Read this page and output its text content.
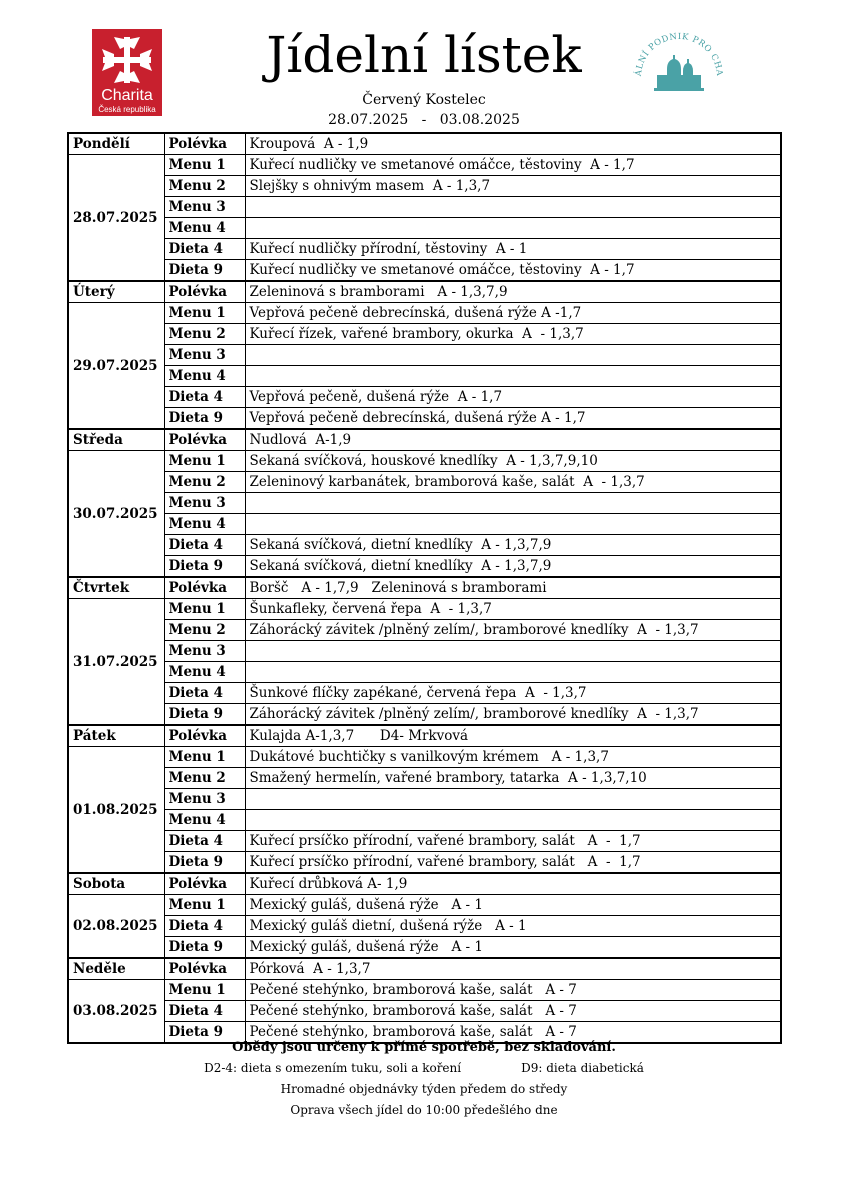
Charita
Česká republika
Jídelní lístek
Červený Kostelec
28.07.2025   -   03.08.2025
ÁLNÍ PODNIK PRO CHA
Pondělí	Polévka	Kroupová  A - 1,9
28.07.2025	Menu 1	Kuřecí nudličky ve smetanové omáčce, těstoviny  A - 1,7
	Menu 2	Slejšky s ohnivým masem  A - 1,3,7
	Menu 3	
	Menu 4	
	Dieta 4	Kuřecí nudličky přírodní, těstoviny  A - 1
	Dieta 9	Kuřecí nudličky ve smetanové omáčce, těstoviny  A - 1,7
Úterý	Polévka	Zeleninová s bramborami   A - 1,3,7,9
29.07.2025	Menu 1	Vepřová pečeně debrecínská, dušená rýže A -1,7
	Menu 2	Kuřecí řízek, vařené brambory, okurka  A  - 1,3,7
	Menu 3	
	Menu 4	
	Dieta 4	Vepřová pečeně, dušená rýže  A - 1,7
	Dieta 9	Vepřová pečeně debrecínská, dušená rýže A - 1,7
Středa	Polévka	Nudlová  A-1,9
30.07.2025	Menu 1	Sekaná svíčková, houskové knedlíky  A - 1,3,7,9,10
	Menu 2	Zeleninový karbanátek, bramborová kaše, salát  A  - 1,3,7
	Menu 3	
	Menu 4	
	Dieta 4	Sekaná svíčková, dietní knedlíky  A - 1,3,7,9
	Dieta 9	Sekaná svíčková, dietní knedlíky  A - 1,3,7,9
Čtvrtek	Polévka	Boršč   A - 1,7,9   Zeleninová s bramborami
31.07.2025	Menu 1	Šunkafleky, červená řepa  A  - 1,3,7
	Menu 2	Záhorácký závitek /plněný zelím/, bramborové knedlíky  A  - 1,3,7
	Menu 3	
	Menu 4	
	Dieta 4	Šunkové flíčky zapékané, červená řepa  A  - 1,3,7
	Dieta 9	Záhorácký závitek /plněný zelím/, bramborové knedlíky  A  - 1,3,7
Pátek	Polévka	Kulajda A-1,3,7      D4- Mrkvová
01.08.2025	Menu 1	Dukátové buchtičky s vanilkovým krémem   A - 1,3,7
	Menu 2	Smažený hermelín, vařené brambory, tatarka  A - 1,3,7,10
	Menu 3	
	Menu 4	
	Dieta 4	Kuřecí prsíčko přírodní, vařené brambory, salát   A  -  1,7
	Dieta 9	Kuřecí prsíčko přírodní, vařené brambory, salát   A  -  1,7
Sobota	Polévka	Kuřecí drůbková A- 1,9
02.08.2025	Menu 1	Mexický guláš, dušená rýže   A - 1
	Dieta 4	Mexický guláš dietní, dušená rýže   A - 1
	Dieta 9	Mexický guláš, dušená rýže   A - 1
Neděle	Polévka	Pórková  A - 1,3,7
03.08.2025	Menu 1	Pečené stehýnko, bramborová kaše, salát   A - 7
	Dieta 4	Pečené stehýnko, bramborová kaše, salát   A - 7
	Dieta 9	Pečené stehýnko, bramborová kaše, salát   A - 7
Obědy jsou určeny k přímé spotřebě, bez skladování.
D2-4: dieta s omezením tuku, soli a koření	D9: dieta diabetická
Hromadné objednávky týden předem do středy
Oprava všech jídel do 10:00 předešlého dne
